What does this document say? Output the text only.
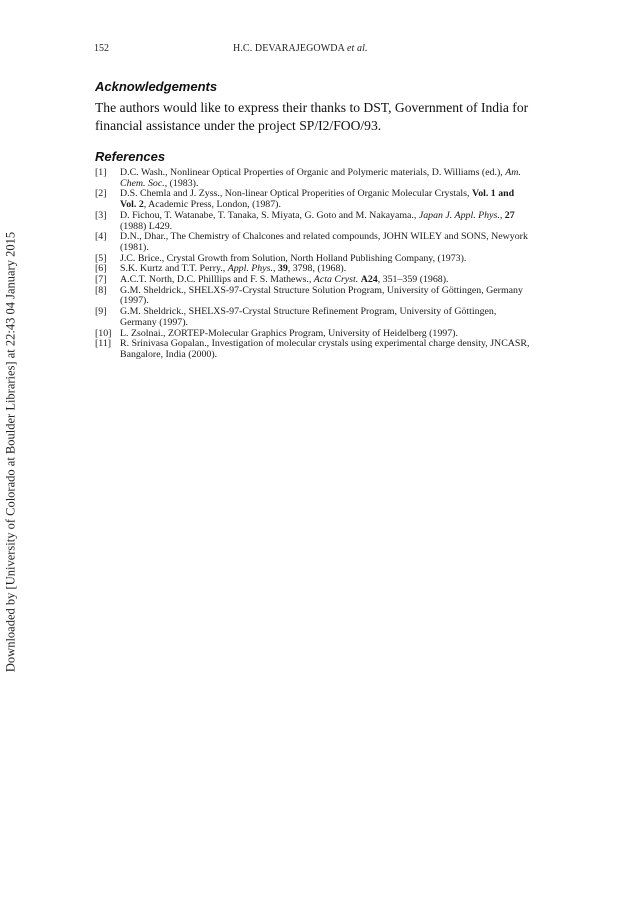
Downloaded by [University of Colorado at Boulder Libraries] at 22:43 04 January 2015
152	H.C. DEVARAJEGOWDA et al.
Acknowledgements
The authors would like to express their thanks to DST, Government of India for financial assistance under the project SP/I2/FOO/93.
References
[1]	D.C. Wash., Nonlinear Optical Properties of Organic and Polymeric materials, D. Williams (ed.), Am. Chem. Soc., (1983).
[2]	D.S. Chemla and J. Zyss., Non-linear Optical Properities of Organic Molecular Crystals, Vol. 1 and Vol. 2, Academic Press, London, (1987).
[3]	D. Fichou, T. Watanabe, T. Tanaka, S. Miyata, G. Goto and M. Nakayama., Japan J. Appl. Phys., 27 (1988) L429.
[4]	D.N., Dhar., The Chemistry of Chalcones and related compounds, JOHN WILEY and SONS, Newyork (1981).
[5]	J.C. Brice., Crystal Growth from Solution, North Holland Publishing Company, (1973).
[6]	S.K. Kurtz and T.T. Perry., Appl. Phys., 39, 3798, (1968).
[7]	A.C.T. North, D.C. Philllips and F. S. Mathews., Acta Cryst. A24, 351–359 (1968).
[8]	G.M. Sheldrick., SHELXS-97-Crystal Structure Solution Program, University of Göttingen, Germany (1997).
[9]	G.M. Sheldrick., SHELXS-97-Crystal Structure Refinement Program, University of Göttingen, Germany (1997).
[10] L. Zsolnai., ZORTEP-Molecular Graphics Program, University of Heidelberg (1997).
[11] R. Srinivasa Gopalan., Investigation of molecular crystals using experimental charge density, JNCASR, Bangalore, India (2000).
